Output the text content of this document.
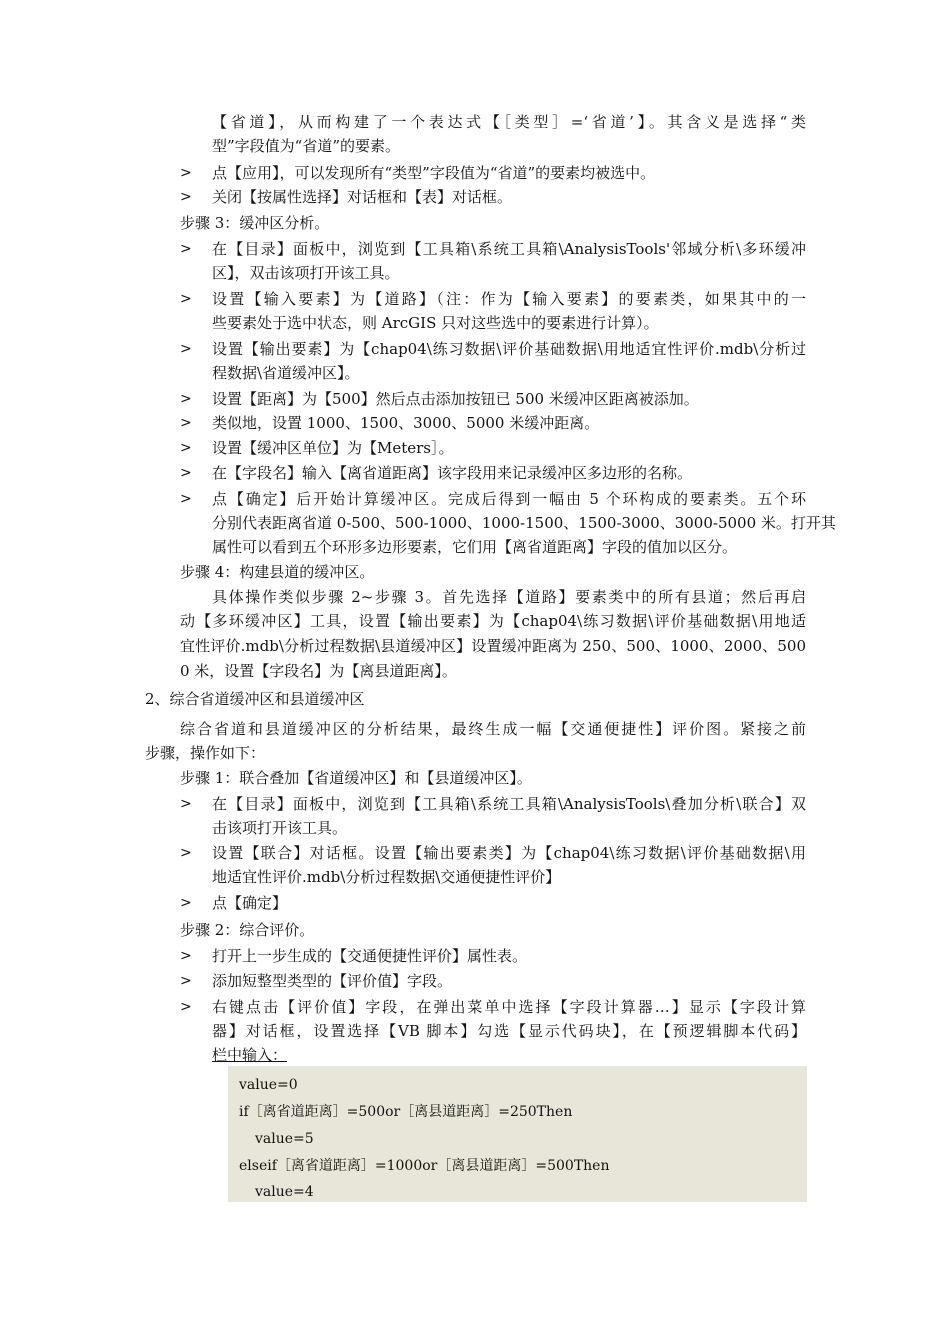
【省道】，从而构建了一个表达式【［类型］=‘省道’】。其含义是选择“类
型”字段值为“省道”的要素。
> 点【应用】，可以发现所有“类型”字段值为“省道”的要素均被选中。
> 关闭【按属性选择】对话框和【表】对话框。
步骤 3：缓冲区分析。
> 在【目录】面板中，浏览到【工具箱\系统工具箱\AnalysisTools'邻域分析\多环缓冲
区】，双击该项打开该工具。
> 设置【输入要素】为【道路】（注：作为【输入要素】的要素类，如果其中的一
些要素处于选中状态，则 ArcGIS 只对这些选中的要素进行计算）。
> 设置【输出要素】为【chap04\练习数据\评价基础数据\用地适宜性评价.mdb\分析过
程数据\省道缓冲区】。
> 设置【距离】为【500】然后点击添加按钮已 500 米缓冲区距离被添加。
> 类似地，设置 1000、1500、3000、5000 米缓冲距离。
> 设置【缓冲区单位】为【Meters］。
> 在【字段名】输入【离省道距离】该字段用来记录缓冲区多边形的名称。
> 点【确定】后开始计算缓冲区。完成后得到一幅由 5 个环构成的要素类。五个环
分别代表距离省道 0-500、500-1000、1000-1500、1500-3000、3000-5000 米。打开其
属性可以看到五个环形多边形要素，它们用【离省道距离】字段的值加以区分。
步骤 4：构建县道的缓冲区。
具体操作类似步骤 2~步骤 3。首先选择【道路】要素类中的所有县道；然后再启
动【多环缓冲区】工具，设置【输出要素】为【chap04\练习数据\评价基础数据\用地适
宜性评价.mdb\分析过程数据\县道缓冲区】设置缓冲距离为 250、500、1000、2000、500
0 米，设置【字段名】为【离县道距离】。
2、综合省道缓冲区和县道缓冲区
综合省道和县道缓冲区的分析结果，最终生成一幅【交通便捷性】评价图。紧接之前
步骤，操作如下：
步骤 1：联合叠加【省道缓冲区】和【县道缓冲区】。
> 在【目录】面板中，浏览到【工具箱\系统工具箱\AnalysisTools\叠加分析\联合】双
击该项打开该工具。
> 设置【联合】对话框。设置【输出要素类】为【chap04\练习数据\评价基础数据\用
地适宜性评价.mdb\分析过程数据\交通便捷性评价】
> 点【确定】
步骤 2：综合评价。
> 打开上一步生成的【交通便捷性评价】属性表。
> 添加短整型类型的【评价值】字段。
> 右键点击【评价值】字段，在弹出菜单中选择【字段计算器…】显示【字段计算
器】对话框，设置选择【VB 脚本】勾选【显示代码块】，在【预逻辑脚本代码】
栏中输入：
value=0
if［离省道距离］=500or［离县道距离］=250Then
value=5
elseif［离省道距离］=1000or［离县道距离］=500Then
value=4
